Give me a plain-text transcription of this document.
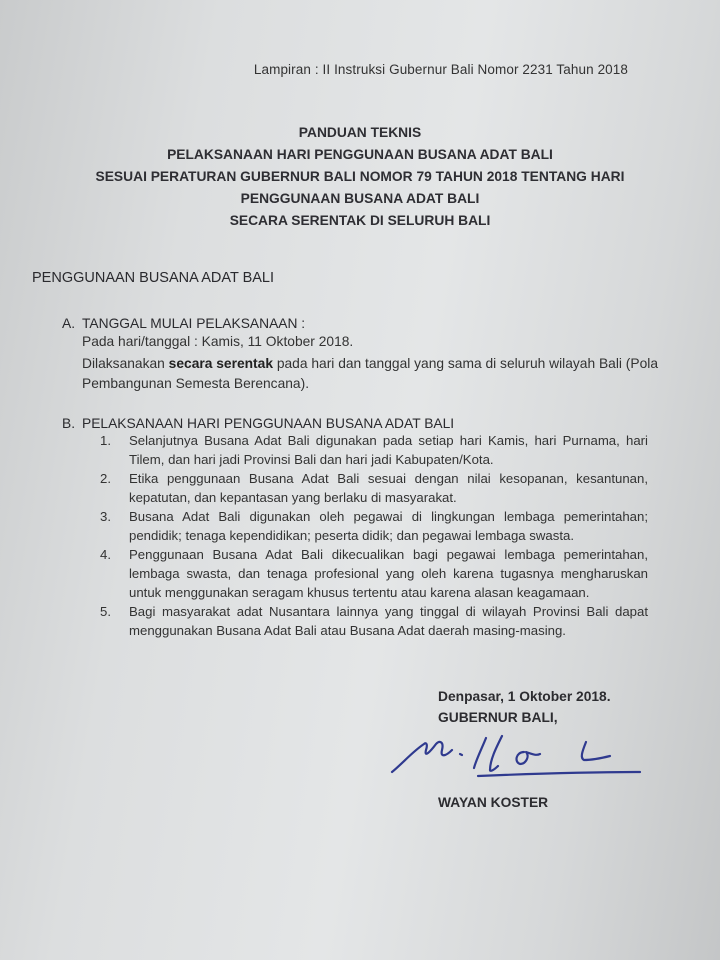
Lampiran : II Instruksi Gubernur Bali Nomor 2231 Tahun 2018
PANDUAN TEKNIS
PELAKSANAAN HARI PENGGUNAAN BUSANA ADAT BALI
SESUAI PERATURAN GUBERNUR BALI NOMOR 79 TAHUN 2018 TENTANG HARI
PENGGUNAAN BUSANA ADAT BALI
SECARA SERENTAK DI SELURUH BALI
PENGGUNAAN BUSANA ADAT BALI
A. TANGGAL MULAI PELAKSANAAN :

Pada hari/tanggal : Kamis, 11 Oktober 2018.

Dilaksanakan secara serentak pada hari dan tanggal yang sama di seluruh wilayah Bali (Pola Pembangunan Semesta Berencana).

B. PELAKSANAAN HARI PENGGUNAAN BUSANA ADAT BALI
1.	Selanjutnya Busana Adat Bali digunakan pada setiap hari Kamis, hari Purnama, hari Tilem, dan hari jadi Provinsi Bali dan hari jadi Kabupaten/Kota.
2.	Etika penggunaan Busana Adat Bali sesuai dengan nilai kesopanan, kesantunan, kepatutan, dan kepantasan yang berlaku di masyarakat.
3.	Busana Adat Bali digunakan oleh pegawai di lingkungan lembaga pemerintahan; pendidik; tenaga kependidikan; peserta didik; dan pegawai lembaga swasta.
4.	Penggunaan Busana Adat Bali dikecualikan bagi pegawai lembaga pemerintahan, lembaga swasta, dan tenaga profesional yang oleh karena tugasnya mengharuskan untuk menggunakan seragam khusus tertentu atau karena alasan keagamaan.
5.	Bagi masyarakat adat Nusantara lainnya yang tinggal di wilayah Provinsi Bali dapat menggunakan Busana Adat Bali atau Busana Adat daerah masing-masing.
Denpasar, 1 Oktober 2018.
GUBERNUR BALI,
WAYAN KOSTER
